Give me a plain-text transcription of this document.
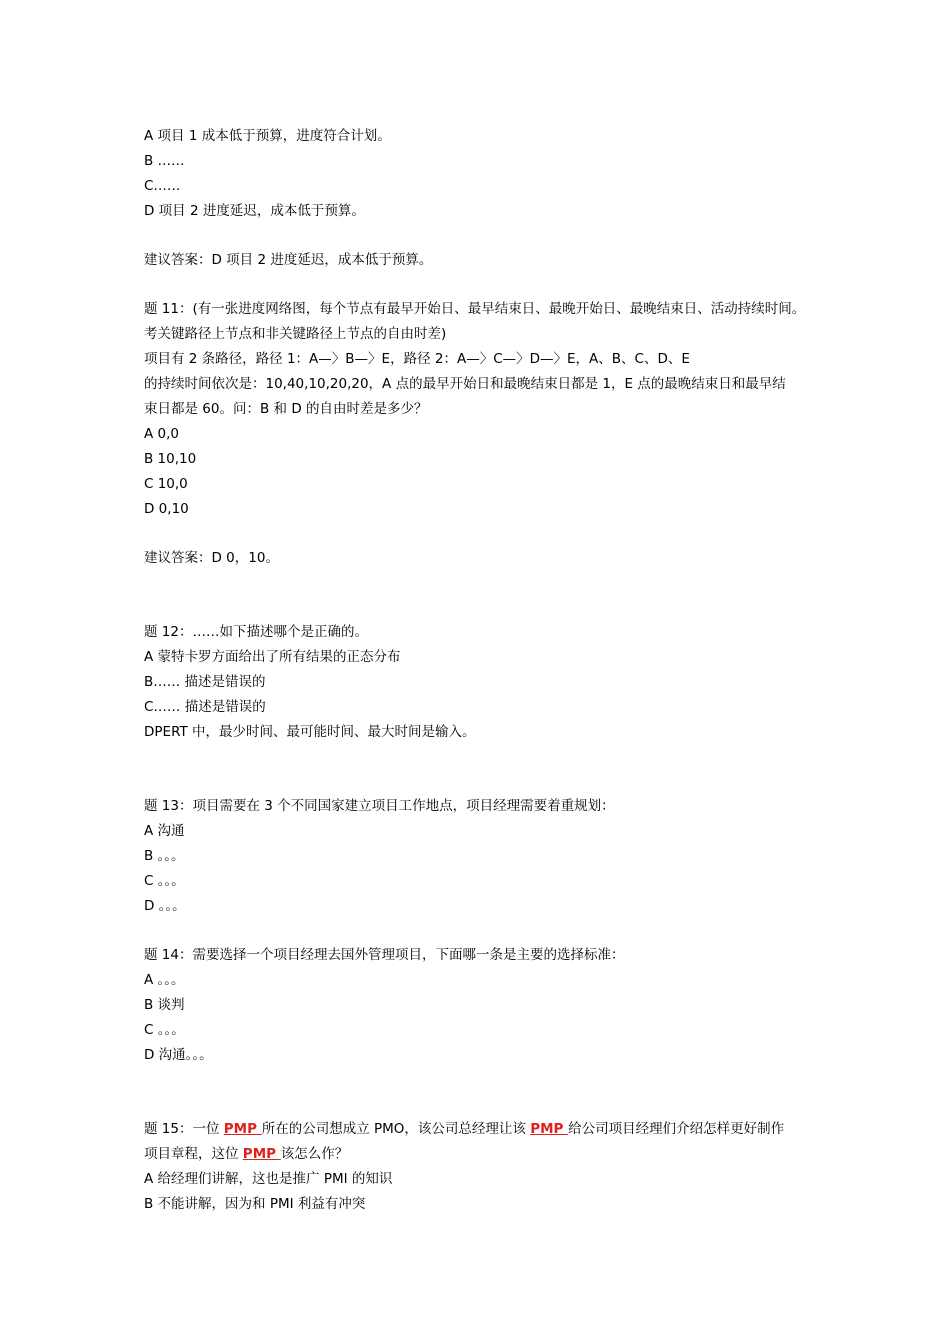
A 项目 1 成本低于预算，进度符合计划。
B ……
C……
D 项目 2 进度延迟，成本低于预算。
建议答案：D 项目 2 进度延迟，成本低于预算。
题 11：(有一张进度网络图，每个节点有最早开始日、最早结束日、最晚开始日、最晚结束日、活动持续时间。
考关键路径上节点和非关键路径上节点的自由时差)
项目有 2 条路径，路径 1：A—〉B—〉E，路径 2：A—〉C—〉D—〉E，A、B、C、D、E
的持续时间依次是：10,40,10,20,20，A 点的最早开始日和最晚结束日都是 1，E 点的最晚结束日和最早结
束日都是 60。问：B 和 D 的自由时差是多少？
A 0,0
B 10,10
C 10,0
D 0,10
建议答案：D 0，10。
题 12：……如下描述哪个是正确的。
A 蒙特卡罗方面给出了所有结果的正态分布
B…… 描述是错误的
C…… 描述是错误的
DPERT 中，最少时间、最可能时间、最大时间是输入。
题 13：项目需要在 3 个不同国家建立项目工作地点，项目经理需要着重规划：
A 沟通
B 。。。
C 。。。
D 。。。
题 14：需要选择一个项目经理去国外管理项目，下面哪一条是主要的选择标准：
A 。。。
B 谈判
C 。。。
D 沟通。。。
题 15：一位 PMP 所在的公司想成立 PMO，该公司总经理让该 PMP 给公司项目经理们介绍怎样更好制作
项目章程，这位 PMP 该怎么作？
A 给经理们讲解，这也是推广 PMI 的知识
B 不能讲解，因为和 PMI 利益有冲突
